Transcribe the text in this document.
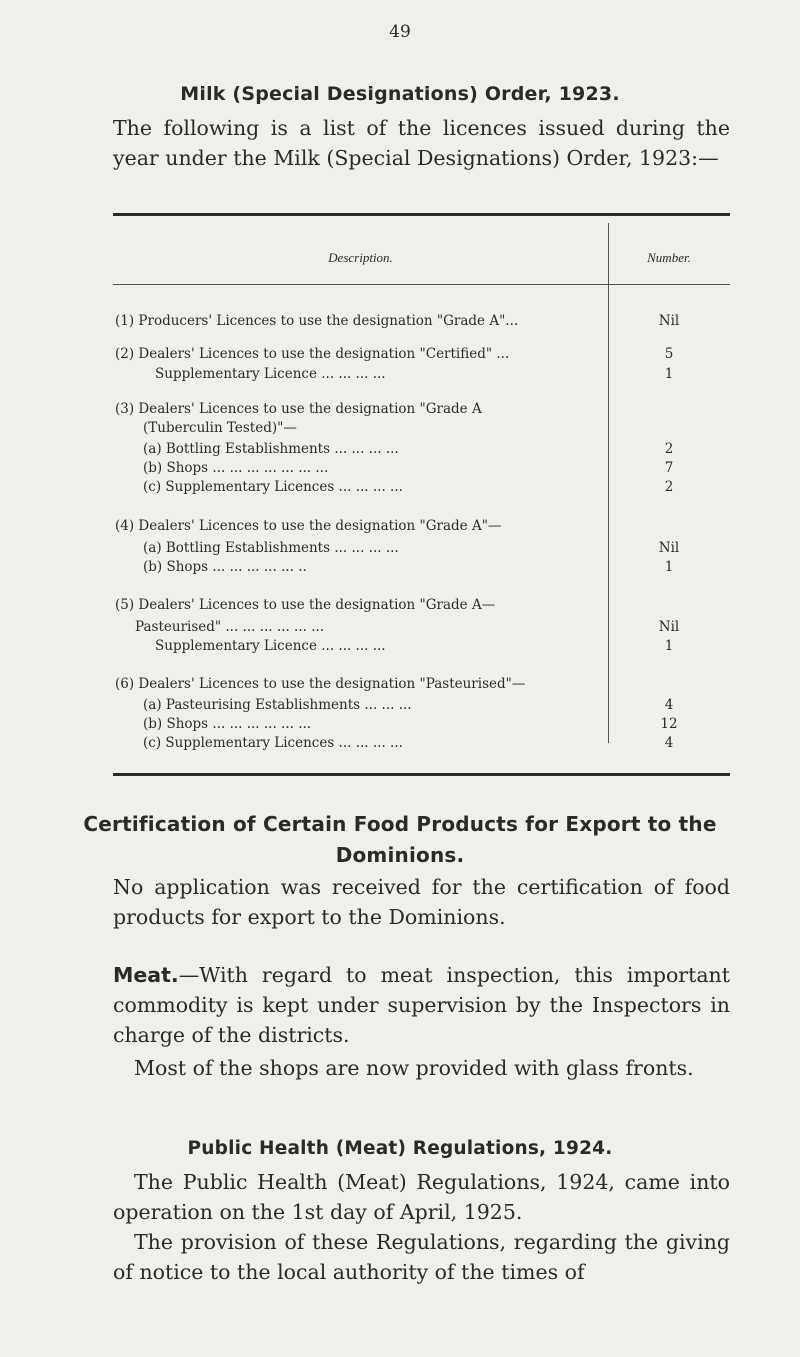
49
Milk (Special Designations) Order, 1923.
The following is a list of the licences issued during the year under the Milk (Special Designations) Order, 1923:—
Description.	Number.
(1) Producers' Licences to use the designation "Grade A"...	Nil
(2) Dealers' Licences to use the designation "Certified" ...	5
Supplementary Licence ... ... ... ...	1
(3) Dealers' Licences to use the designation "Grade A
(Tuberculin Tested)"—
(a) Bottling Establishments ... ... ... ...	2
(b) Shops ... ... ... ... ... ... ...	7
(c) Supplementary Licences ... ... ... ...	2
(4) Dealers' Licences to use the designation "Grade A"—
(a) Bottling Establishments ... ... ... ...	Nil
(b) Shops ... ... ... ... ... ..	1
(5) Dealers' Licences to use the designation "Grade A—
Pasteurised" ... ... ... ... ... ...	Nil
Supplementary Licence ... ... ... ...	1
(6) Dealers' Licences to use the designation "Pasteurised"—
(a) Pasteurising Establishments ... ... ...	4
(b) Shops ... ... ... ... ... ...	12
(c) Supplementary Licences ... ... ... ...	4
Certification of Certain Food Products for Export to the
Dominions.
No application was received for the certification of food products for export to the Dominions.
Meat.—With regard to meat inspection, this important commodity is kept under supervision by the Inspectors in charge of the districts.
Most of the shops are now provided with glass fronts.
Public Health (Meat) Regulations, 1924.
The Public Health (Meat) Regulations, 1924, came into operation on the 1st day of April, 1925.
The provision of these Regulations, regarding the giving of notice to the local authority of the times of
